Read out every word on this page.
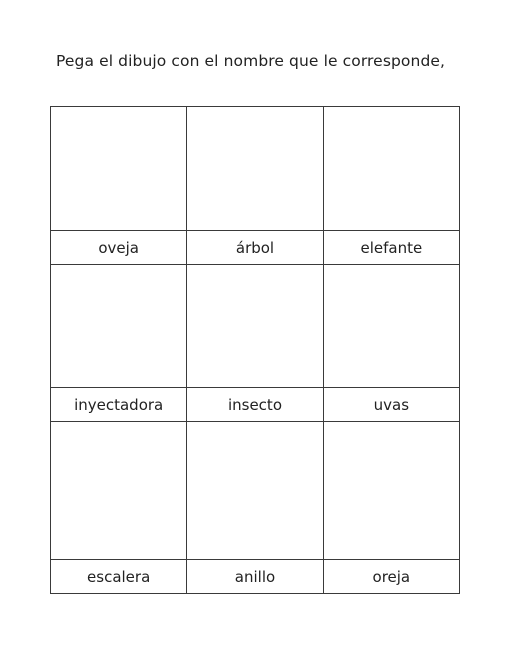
Pega el dibujo con el nombre que le corresponde,

oveja	árbol	elefante

inyectadora	insecto	uvas

escalera	anillo	oreja
